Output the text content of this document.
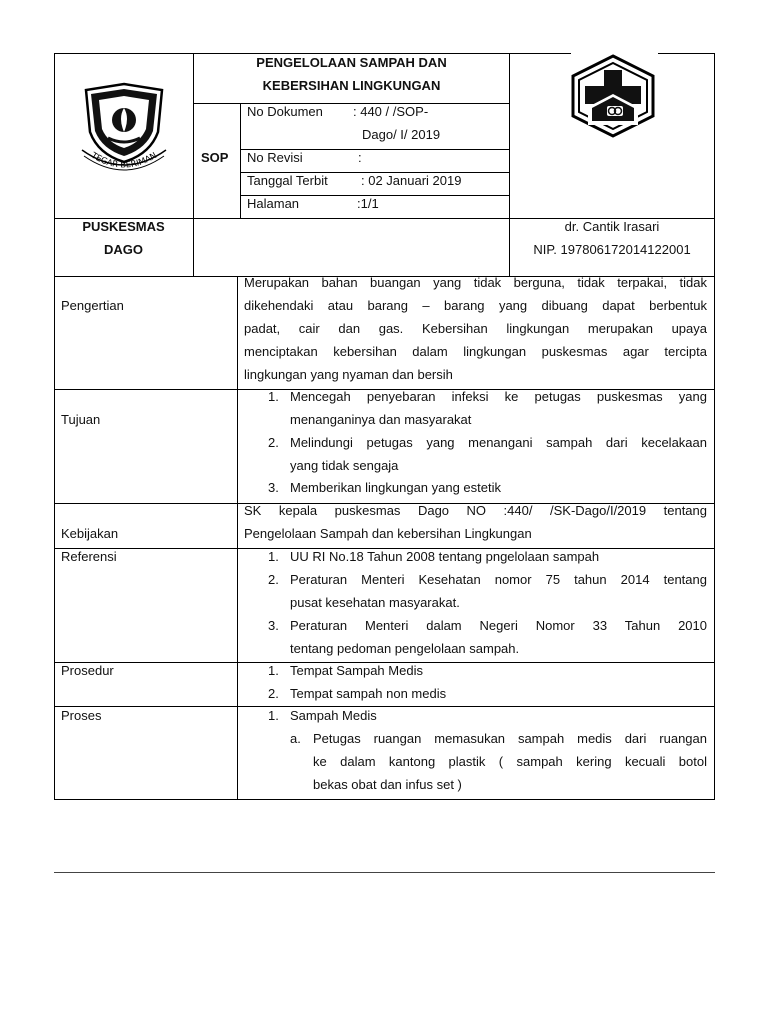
•••
TEGAR BERIMAN
PENGELOLAAN SAMPAH DAN
KEBERSIHAN LINGKUNGAN
SOP
No Dokumen : 440 / /SOP-
Dago/ I/ 2019
No Revisi	:
Tanggal Terbit	: 02 Januari 2019
Halaman	:1/1
PUSKESMAS
DAGO
dr. Cantik Irasari
NIP. 197806172014122001
Pengertian
Merupakan bahan buangan yang tidak berguna, tidak terpakai, tidak
dikehendaki atau barang – barang yang dibuang dapat berbentuk
padat, cair dan gas. Kebersihan lingkungan merupakan upaya
menciptakan kebersihan dalam lingkungan puskesmas agar tercipta
lingkungan yang nyaman dan bersih
Tujuan
1. Mencegah penyebaran infeksi ke petugas puskesmas yang
menanganinya dan masyarakat
2. Melindungi petugas yang menangani sampah dari kecelakaan
yang tidak sengaja
3. Memberikan lingkungan yang estetik
Kebijakan
SK kepala puskesmas Dago NO :440/ /SK-Dago/I/2019 tentang
Pengelolaan Sampah dan kebersihan Lingkungan
Referensi	1. UU RI No.18 Tahun 2008 tentang pngelolaan sampah
2. Peraturan Menteri Kesehatan nomor 75 tahun 2014 tentang
pusat kesehatan masyarakat.
3. Peraturan Menteri dalam Negeri Nomor 33 Tahun 2010
tentang pedoman pengelolaan sampah.
Prosedur	1. Tempat Sampah Medis
2. Tempat sampah non medis
Proses	1. Sampah Medis
a. Petugas ruangan memasukan sampah medis dari ruangan
ke dalam kantong plastik ( sampah kering kecuali botol
bekas obat dan infus set )
